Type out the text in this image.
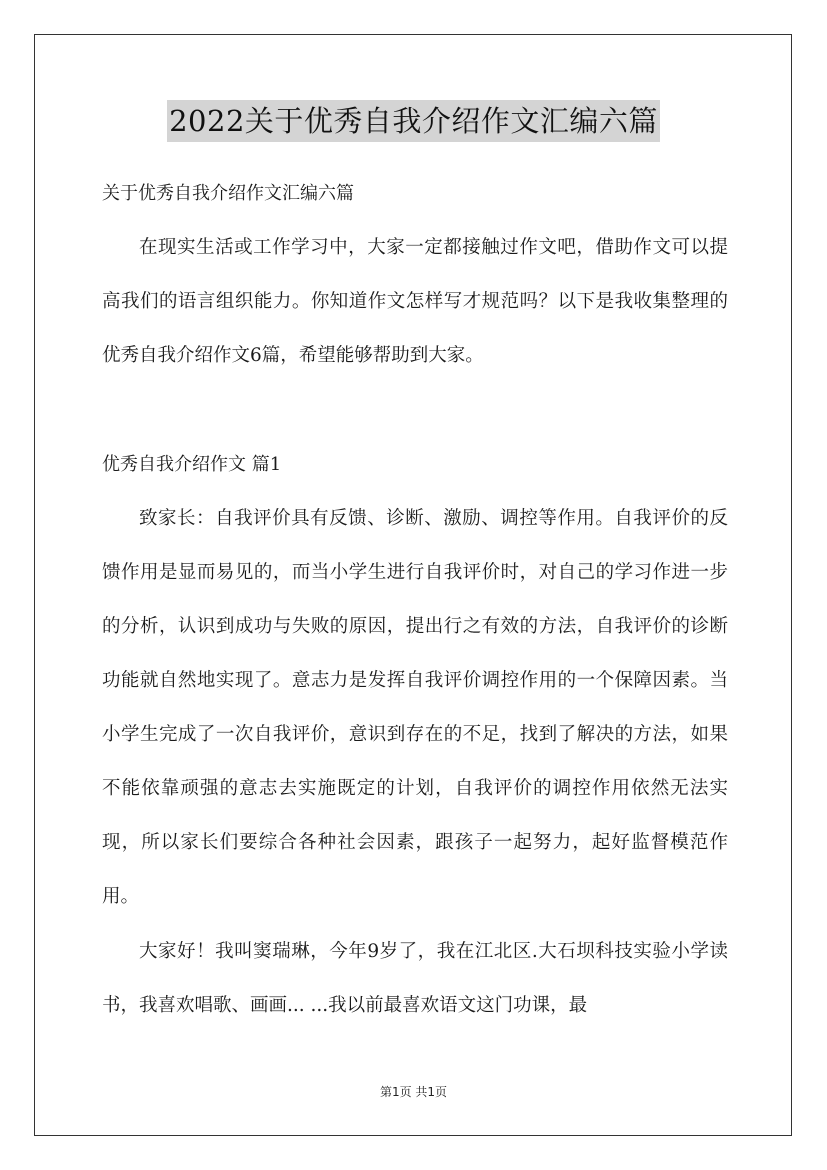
2022关于优秀自我介绍作文汇编六篇
关于优秀自我介绍作文汇编六篇

在现实生活或工作学习中，大家一定都接触过作文吧，借助作文可以提高我们的语言组织能力。你知道作文怎样写才规范吗？以下是我收集整理的优秀自我介绍作文6篇，希望能够帮助到大家。

优秀自我介绍作文 篇1

致家长：自我评价具有反馈、诊断、激励、调控等作用。自我评价的反馈作用是显而易见的，而当小学生进行自我评价时，对自己的学习作进一步的分析，认识到成功与失败的原因，提出行之有效的方法，自我评价的诊断功能就自然地实现了。意志力是发挥自我评价调控作用的一个保障因素。当小学生完成了一次自我评价，意识到存在的不足，找到了解决的方法，如果不能依靠顽强的意志去实施既定的计划，自我评价的调控作用依然无法实现，所以家长们要综合各种社会因素，跟孩子一起努力，起好监督模范作用。

大家好！我叫窦瑞琳，今年9岁了，我在江北区.大石坝科技实验小学读书，我喜欢唱歌、画画... ...我以前最喜欢语文这门功课，最

第1页 共1页
